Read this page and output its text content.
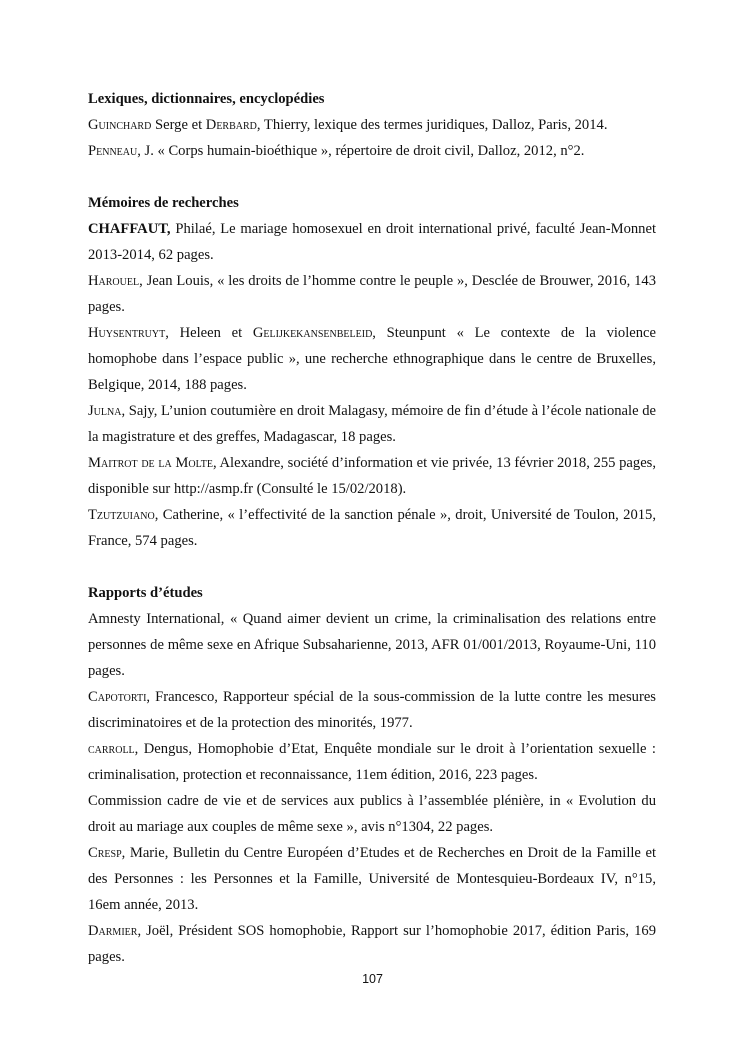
Lexiques, dictionnaires, encyclopédies

Guinchard Serge et Derbard, Thierry, lexique des termes juridiques, Dalloz, Paris, 2014.

Penneau, J. « Corps humain-bioéthique », répertoire de droit civil, Dalloz, 2012, n°2.

Mémoires de recherches

CHAFFAUT, Philaé, Le mariage homosexuel en droit international privé, faculté Jean-Monnet 2013-2014, 62 pages.

Harouel, Jean Louis, « les droits de l’homme contre le peuple », Desclée de Brouwer, 2016, 143 pages.

Huysentruyt, Heleen et Gelijkekansenbeleid, Steunpunt « Le contexte de la violence homophobe dans l’espace public », une recherche ethnographique dans le centre de Bruxelles, Belgique, 2014, 188 pages.

Julna, Sajy, L’union coutumière en droit Malagasy, mémoire de fin d’étude à l’école nationale de la magistrature et des greffes, Madagascar, 18 pages.

Maitrot de la Molte, Alexandre, société d’information et vie privée, 13 février 2018, 255 pages, disponible sur http://asmp.fr (Consulté le 15/02/2018).

Tzutzuiano, Catherine, « l’effectivité de la sanction pénale », droit, Université de Toulon, 2015, France, 574 pages.

Rapports d’études

Amnesty International, « Quand aimer devient un crime, la criminalisation des relations entre personnes de même sexe en Afrique Subsaharienne, 2013, AFR 01/001/2013, Royaume-Uni, 110 pages.

Capotorti, Francesco, Rapporteur spécial de la sous-commission de la lutte contre les mesures discriminatoires et de la protection des minorités, 1977.

carroll, Dengus, Homophobie d’Etat, Enquête mondiale sur le droit à l’orientation sexuelle : criminalisation, protection et reconnaissance, 11em édition, 2016, 223 pages.

Commission cadre de vie et de services aux publics à l’assemblée plénière, in « Evolution du droit au mariage aux couples de même sexe », avis n°1304, 22 pages.

Cresp, Marie, Bulletin du Centre Européen d’Etudes et de Recherches en Droit de la Famille et des Personnes : les Personnes et la Famille, Université de Montesquieu-Bordeaux IV, n°15, 16em année, 2013.

Darmier, Joël, Président SOS homophobie, Rapport sur l’homophobie 2017, édition Paris, 169 pages.

107
